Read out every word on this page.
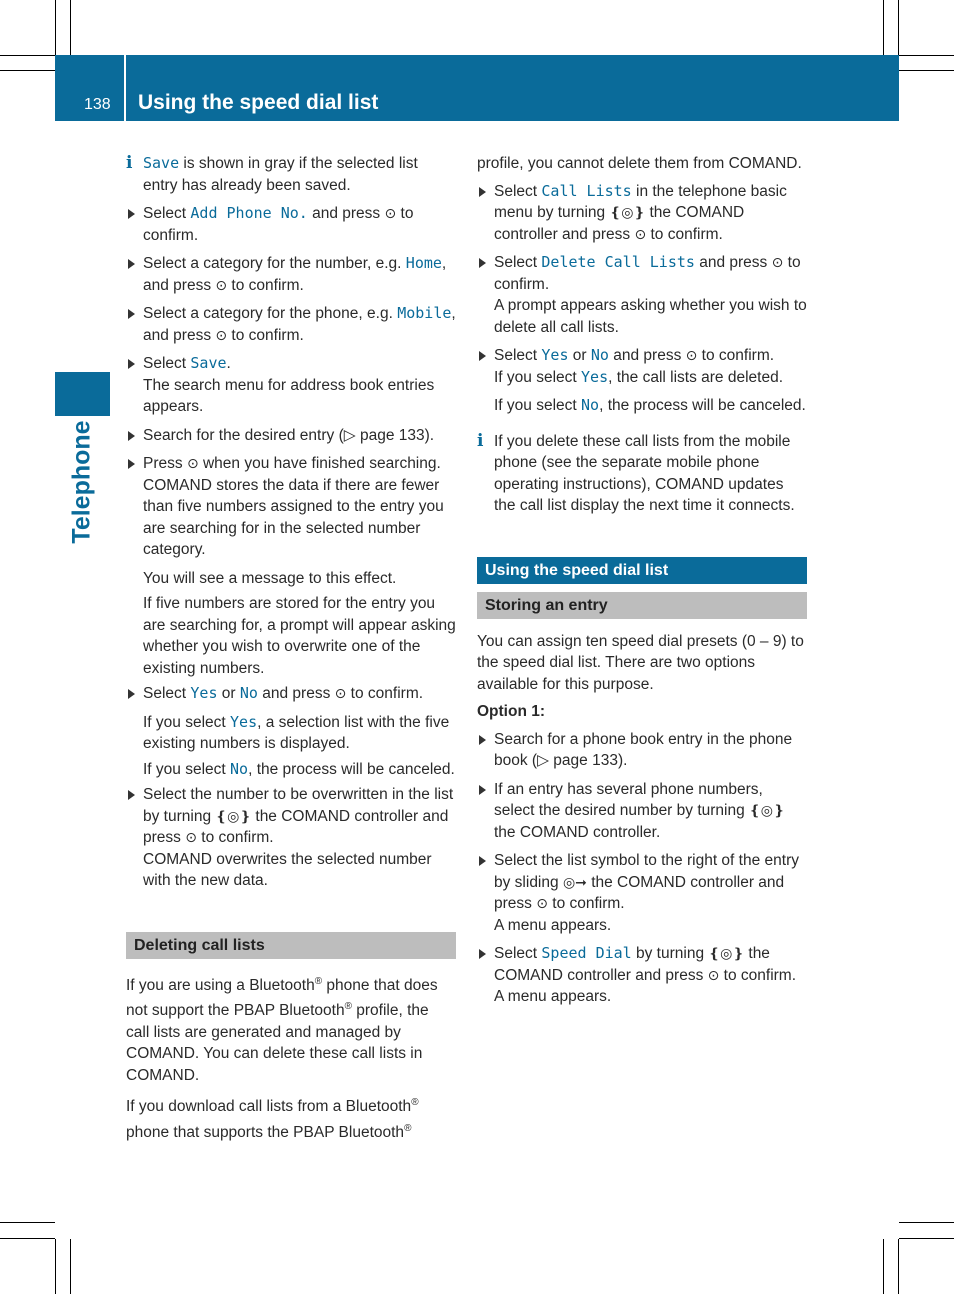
138 Using the speed dial list
Telephone
i Save is shown in gray if the selected list entry has already been saved.
Select Add Phone No. and press ⊙ to confirm.
Select a category for the number, e.g. Home, and press ⊙ to confirm.
Select a category for the phone, e.g. Mobile, and press ⊙ to confirm.
Select Save.
The search menu for address book entries appears.
Search for the desired entry (▷ page 133).
Press ⊙ when you have finished searching.
COMAND stores the data if there are fewer than five numbers assigned to the entry you are searching for in the selected number category.
You will see a message to this effect.
If five numbers are stored for the entry you are searching for, a prompt will appear asking whether you wish to overwrite one of the existing numbers.
Select Yes or No and press ⊙ to confirm.
If you select Yes, a selection list with the five existing numbers is displayed.
If you select No, the process will be canceled.
Select the number to be overwritten in the list by turning ❴◎❵ the COMAND controller and press ⊙ to confirm.
COMAND overwrites the selected number with the new data.
Deleting call lists
If you are using a Bluetooth® phone that does not support the PBAP Bluetooth® profile, the call lists are generated and managed by COMAND. You can delete these call lists in COMAND.
If you download call lists from a Bluetooth® phone that supports the PBAP Bluetooth®
profile, you cannot delete them from COMAND.
Select Call Lists in the telephone basic menu by turning ❴◎❵ the COMAND controller and press ⊙ to confirm.
Select Delete Call Lists and press ⊙ to confirm.
A prompt appears asking whether you wish to delete all call lists.
Select Yes or No and press ⊙ to confirm.
If you select Yes, the call lists are deleted.
If you select No, the process will be canceled.
i If you delete these call lists from the mobile phone (see the separate mobile phone operating instructions), COMAND updates the call list display the next time it connects.
Using the speed dial list
Storing an entry
You can assign ten speed dial presets (0 – 9) to the speed dial list. There are two options available for this purpose.
Option 1:
Search for a phone book entry in the phone book (▷ page 133).
If an entry has several phone numbers, select the desired number by turning ❴◎❵ the COMAND controller.
Select the list symbol to the right of the entry by sliding ◎➞ the COMAND controller and press ⊙ to confirm.
A menu appears.
Select Speed Dial by turning ❴◎❵ the COMAND controller and press ⊙ to confirm.
A menu appears.
